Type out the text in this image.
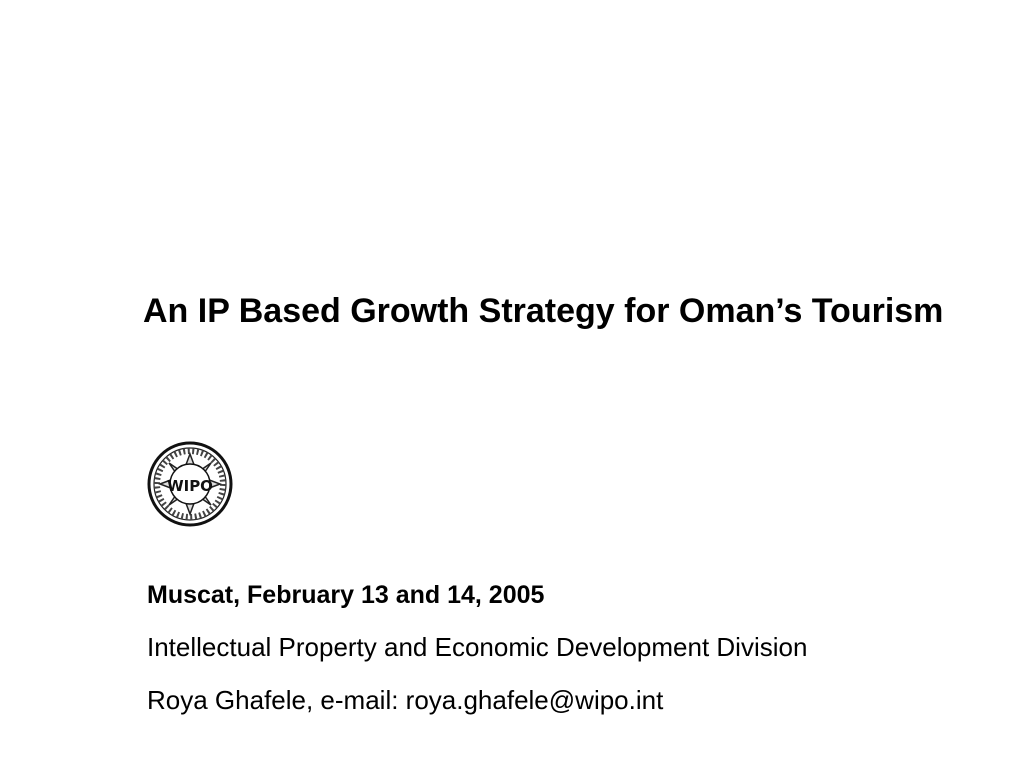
An IP Based Growth Strategy for Oman’s Tourism
WIPO

Muscat, February 13 and 14, 2005

Intellectual Property and Economic Development Division

Roya Ghafele, e-mail: roya.ghafele@wipo.int
